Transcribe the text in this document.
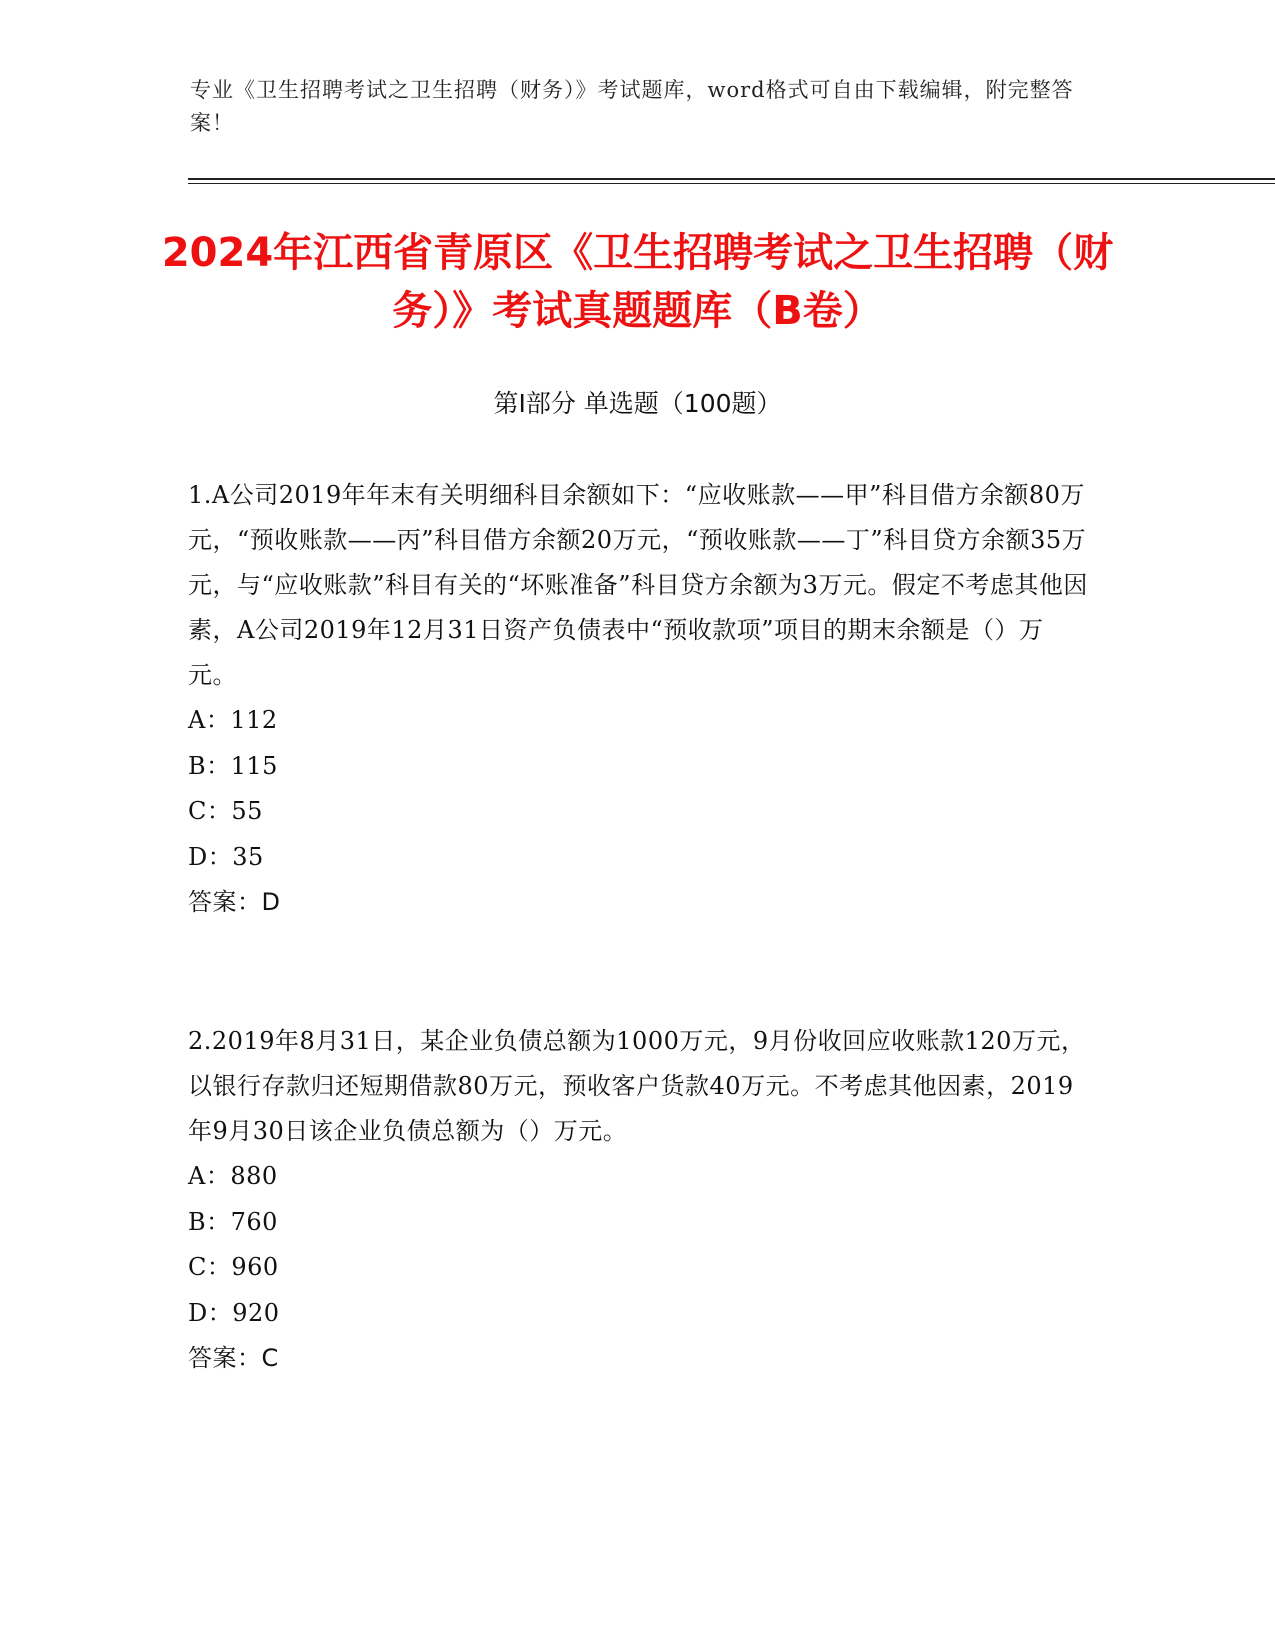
专业《卫生招聘考试之卫生招聘（财务）》考试题库，word格式可自由下载编辑，附完整答案！
2024年江西省青原区《卫生招聘考试之卫生招聘（财务）》考试真题题库（B卷）
第Ⅰ部分 单选题（100题）
1.A公司2019年年末有关明细科目余额如下：“应收账款——甲”科目借方余额80万元，“预收账款——丙”科目借方余额20万元，“预收账款——丁”科目贷方余额35万元，与“应收账款”科目有关的“坏账准备”科目贷方余额为3万元。假定不考虑其他因素，A公司2019年12月31日资产负债表中“预收款项”项目的期末余额是（）万元。
A：112
B：115
C：55
D：35
答案：D
2.2019年8月31日，某企业负债总额为1000万元，9月份收回应收账款120万元，以银行存款归还短期借款80万元，预收客户货款40万元。不考虑其他因素，2019年9月30日该企业负债总额为（）万元。
A：880
B：760
C：960
D：920
答案：C
